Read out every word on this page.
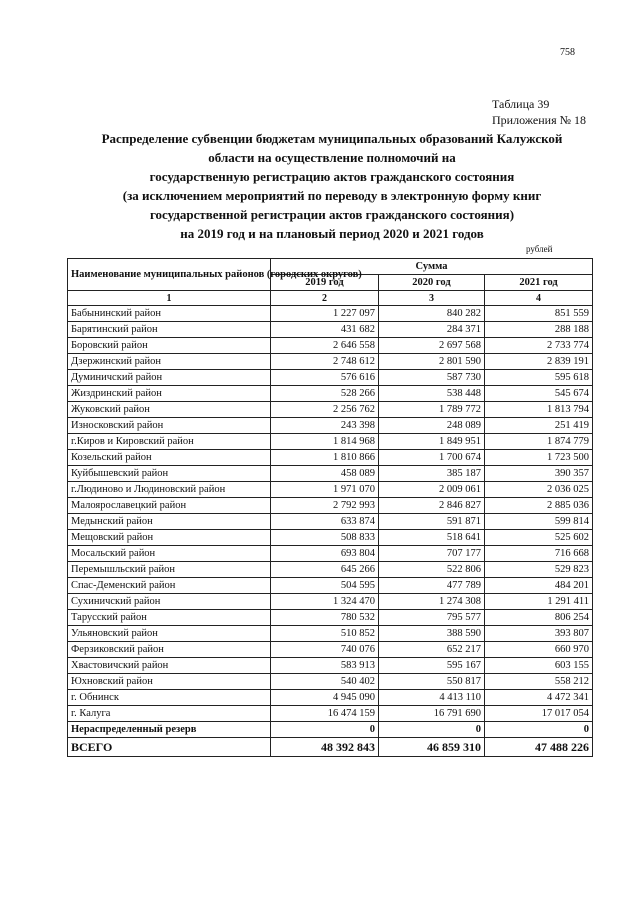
758
Таблица 39
Приложения № 18
Распределение субвенции бюджетам муниципальных образований Калужской
области на осуществление полномочий на
государственную регистрацию актов гражданского состояния
(за исключением мероприятий по переводу в электронную форму книг
государственной регистрации актов гражданского состояния)
на 2019 год и на плановый период 2020 и 2021 годов
рублей
Наименование муниципальных районов (городских округов)	Сумма		
	2019 год	2020 год	2021 год
1	2	3	4
Бабынинский район	1 227 097	840 282	851 559
Барятинский район	431 682	284 371	288 188
Боровский район	2 646 558	2 697 568	2 733 774
Дзержинский район	2 748 612	2 801 590	2 839 191
Думиничский район	576 616	587 730	595 618
Жиздринский район	528 266	538 448	545 674
Жуковский район	2 256 762	1 789 772	1 813 794
Износковский район	243 398	248 089	251 419
г.Киров и Кировский район	1 814 968	1 849 951	1 874 779
Козельский район	1 810 866	1 700 674	1 723 500
Куйбышевский район	458 089	385 187	390 357
г.Людиново и Людиновский район	1 971 070	2 009 061	2 036 025
Малоярославецкий район	2 792 993	2 846 827	2 885 036
Медынский район	633 874	591 871	599 814
Мещовский район	508 833	518 641	525 602
Мосальский район	693 804	707 177	716 668
Перемышльский район	645 266	522 806	529 823
Спас-Деменский район	504 595	477 789	484 201
Сухиничский район	1 324 470	1 274 308	1 291 411
Тарусский район	780 532	795 577	806 254
Ульяновский район	510 852	388 590	393 807
Ферзиковский район	740 076	652 217	660 970
Хвастовичский район	583 913	595 167	603 155
Юхновский район	540 402	550 817	558 212
г. Обнинск	4 945 090	4 413 110	4 472 341
г. Калуга	16 474 159	16 791 690	17 017 054
Нераспределенный резерв	0	0	0
ВСЕГО	48 392 843	46 859 310	47 488 226
